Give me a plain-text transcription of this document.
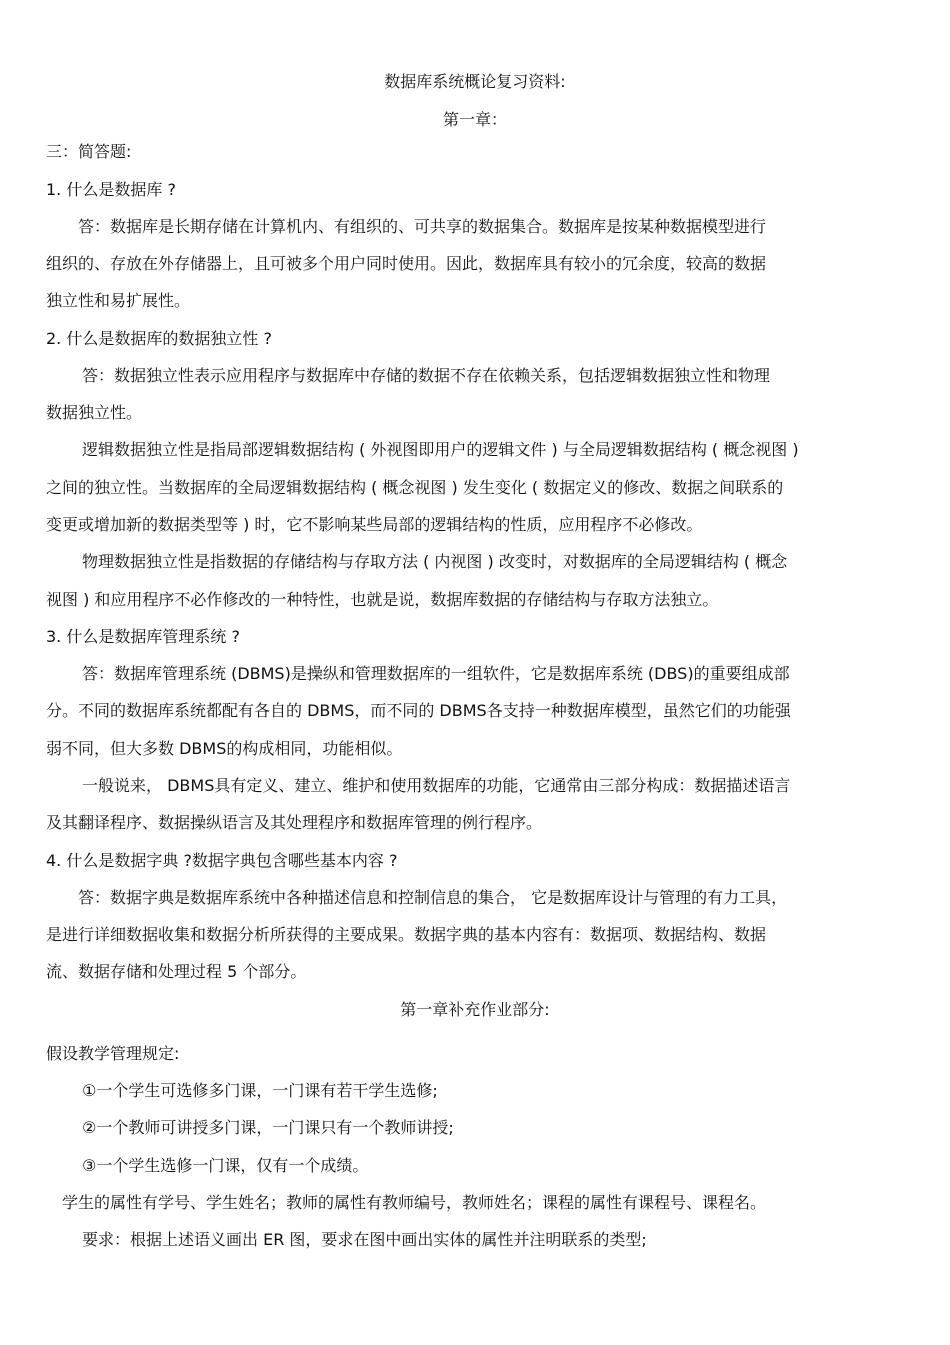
数据库系统概论复习资料:
第一章：
三：简答题:
1. 什么是数据库 ?
答：数据库是长期存储在计算机内、有组织的、可共享的数据集合。数据库是按某种数据模型进行
组织的、存放在外存储器上，且可被多个用户同时使用。因此，数据库具有较小的冗余度，较高的数据
独立性和易扩展性。
2. 什么是数据库的数据独立性 ?
答：数据独立性表示应用程序与数据库中存储的数据不存在依赖关系，包括逻辑数据独立性和物理
数据独立性。
逻辑数据独立性是指局部逻辑数据结构 ( 外视图即用户的逻辑文件 ) 与全局逻辑数据结构 ( 概念视图 )
之间的独立性。当数据库的全局逻辑数据结构 ( 概念视图 ) 发生变化 ( 数据定义的修改、数据之间联系的
变更或增加新的数据类型等 ) 时，它不影响某些局部的逻辑结构的性质，应用程序不必修改。
物理数据独立性是指数据的存储结构与存取方法 ( 内视图 ) 改变时，对数据库的全局逻辑结构 ( 概念
视图 ) 和应用程序不必作修改的一种特性，也就是说，数据库数据的存储结构与存取方法独立。
3. 什么是数据库管理系统 ?
答：数据库管理系统 (DBMS)是操纵和管理数据库的一组软件，它是数据库系统 (DBS)的重要组成部
分。不同的数据库系统都配有各自的 DBMS，而不同的 DBMS各支持一种数据库模型，虽然它们的功能强
弱不同，但大多数 DBMS的构成相同，功能相似。
一般说来， DBMS具有定义、建立、维护和使用数据库的功能，它通常由三部分构成：数据描述语言
及其翻译程序、数据操纵语言及其处理程序和数据库管理的例行程序。
4. 什么是数据字典 ?数据字典包含哪些基本内容 ?
答：数据字典是数据库系统中各种描述信息和控制信息的集合， 它是数据库设计与管理的有力工具，
是进行详细数据收集和数据分析所获得的主要成果。数据字典的基本内容有：数据项、数据结构、数据
流、数据存储和处理过程 5 个部分。
第一章补充作业部分:
假设教学管理规定:
①一个学生可选修多门课，一门课有若干学生选修;
②一个教师可讲授多门课，一门课只有一个教师讲授;
③一个学生选修一门课，仅有一个成绩。
学生的属性有学号、学生姓名；教师的属性有教师编号，教师姓名；课程的属性有课程号、课程名。
要求：根据上述语义画出 ER 图，要求在图中画出实体的属性并注明联系的类型;
